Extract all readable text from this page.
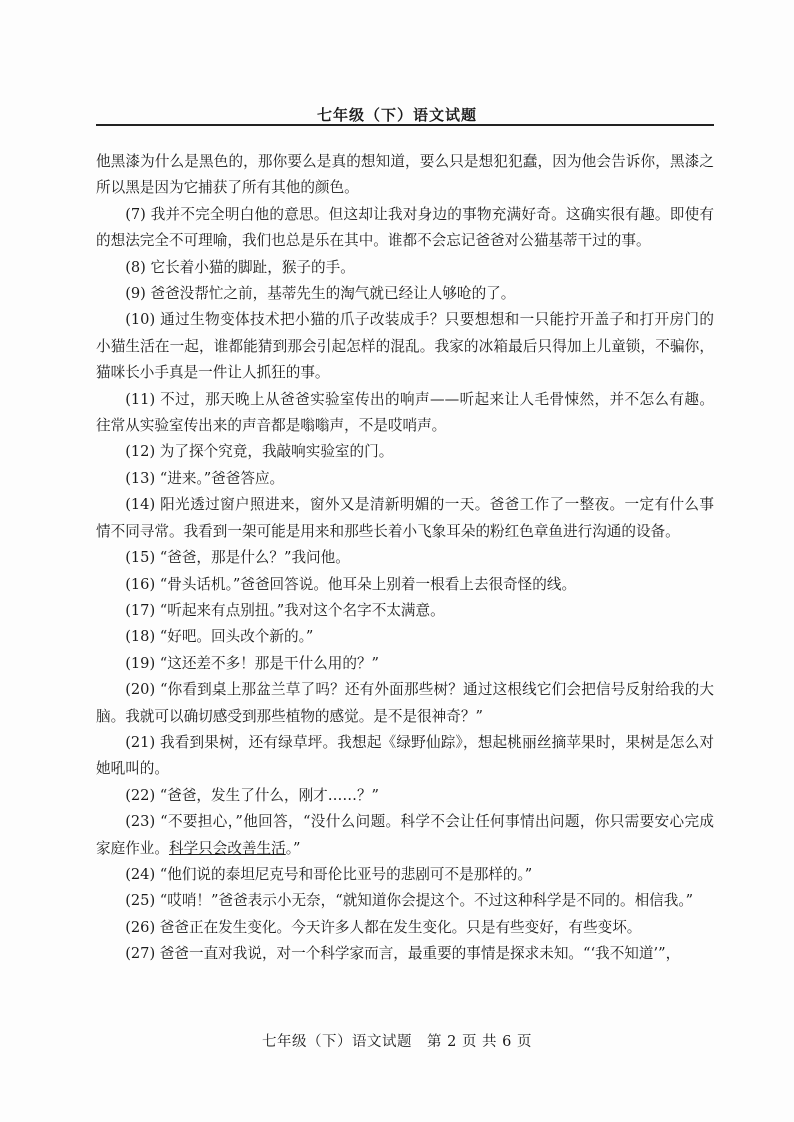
七年级（下）语文试题

他黑漆为什么是黑色的，那你要么是真的想知道，要么只是想犯犯蠢，因为他会告诉你，黑漆之所以黑是因为它捕获了所有其他的颜色。

(7) 我并不完全明白他的意思。但这却让我对身边的事物充满好奇。这确实很有趣。即使有的想法完全不可理喻，我们也总是乐在其中。谁都不会忘记爸爸对公猫基蒂干过的事。

(8) 它长着小猫的脚趾，猴子的手。

(9) 爸爸没帮忙之前，基蒂先生的淘气就已经让人够呛的了。

(10) 通过生物变体技术把小猫的爪子改装成手？只要想想和一只能拧开盖子和打开房门的小猫生活在一起，谁都能猜到那会引起怎样的混乱。我家的冰箱最后只得加上儿童锁，不骗你，猫咪长小手真是一件让人抓狂的事。

(11) 不过，那天晚上从爸爸实验室传出的响声——听起来让人毛骨悚然，并不怎么有趣。往常从实验室传出来的声音都是嗡嗡声，不是哎哨声。

(12) 为了探个究竟，我敲响实验室的门。

(13) “进来。”爸爸答应。

(14) 阳光透过窗户照进来，窗外又是清新明媚的一天。爸爸工作了一整夜。一定有什么事情不同寻常。我看到一架可能是用来和那些长着小飞象耳朵的粉红色章鱼进行沟通的设备。

(15) “爸爸，那是什么？”我问他。

(16) “骨头话机。”爸爸回答说。他耳朵上别着一根看上去很奇怪的线。

(17) “听起来有点别扭。”我对这个名字不太满意。

(18) “好吧。回头改个新的。”

(19) “这还差不多！那是干什么用的？”

(20) “你看到桌上那盆兰草了吗？还有外面那些树？通过这根线它们会把信号反射给我的大脑。我就可以确切感受到那些植物的感觉。是不是很神奇？”

(21) 我看到果树，还有绿草坪。我想起《绿野仙踪》，想起桃丽丝摘苹果时，果树是怎么对她吼叫的。

(22) “爸爸，发生了什么，刚才……？”

(23) “不要担心，”他回答，“没什么问题。科学不会让任何事情出问题，你只需要安心完成家庭作业。科学只会改善生活。”

(24) “他们说的泰坦尼克号和哥伦比亚号的悲剧可不是那样的。”

(25) “哎哨！”爸爸表示小无奈，“就知道你会提这个。不过这种科学是不同的。相信我。”

(26) 爸爸正在发生变化。今天许多人都在发生变化。只是有些变好，有些变坏。

(27) 爸爸一直对我说，对一个科学家而言，最重要的事情是探求未知。“‘我不知道’”，

七年级（下）语文试题　第 2 页 共 6 页
